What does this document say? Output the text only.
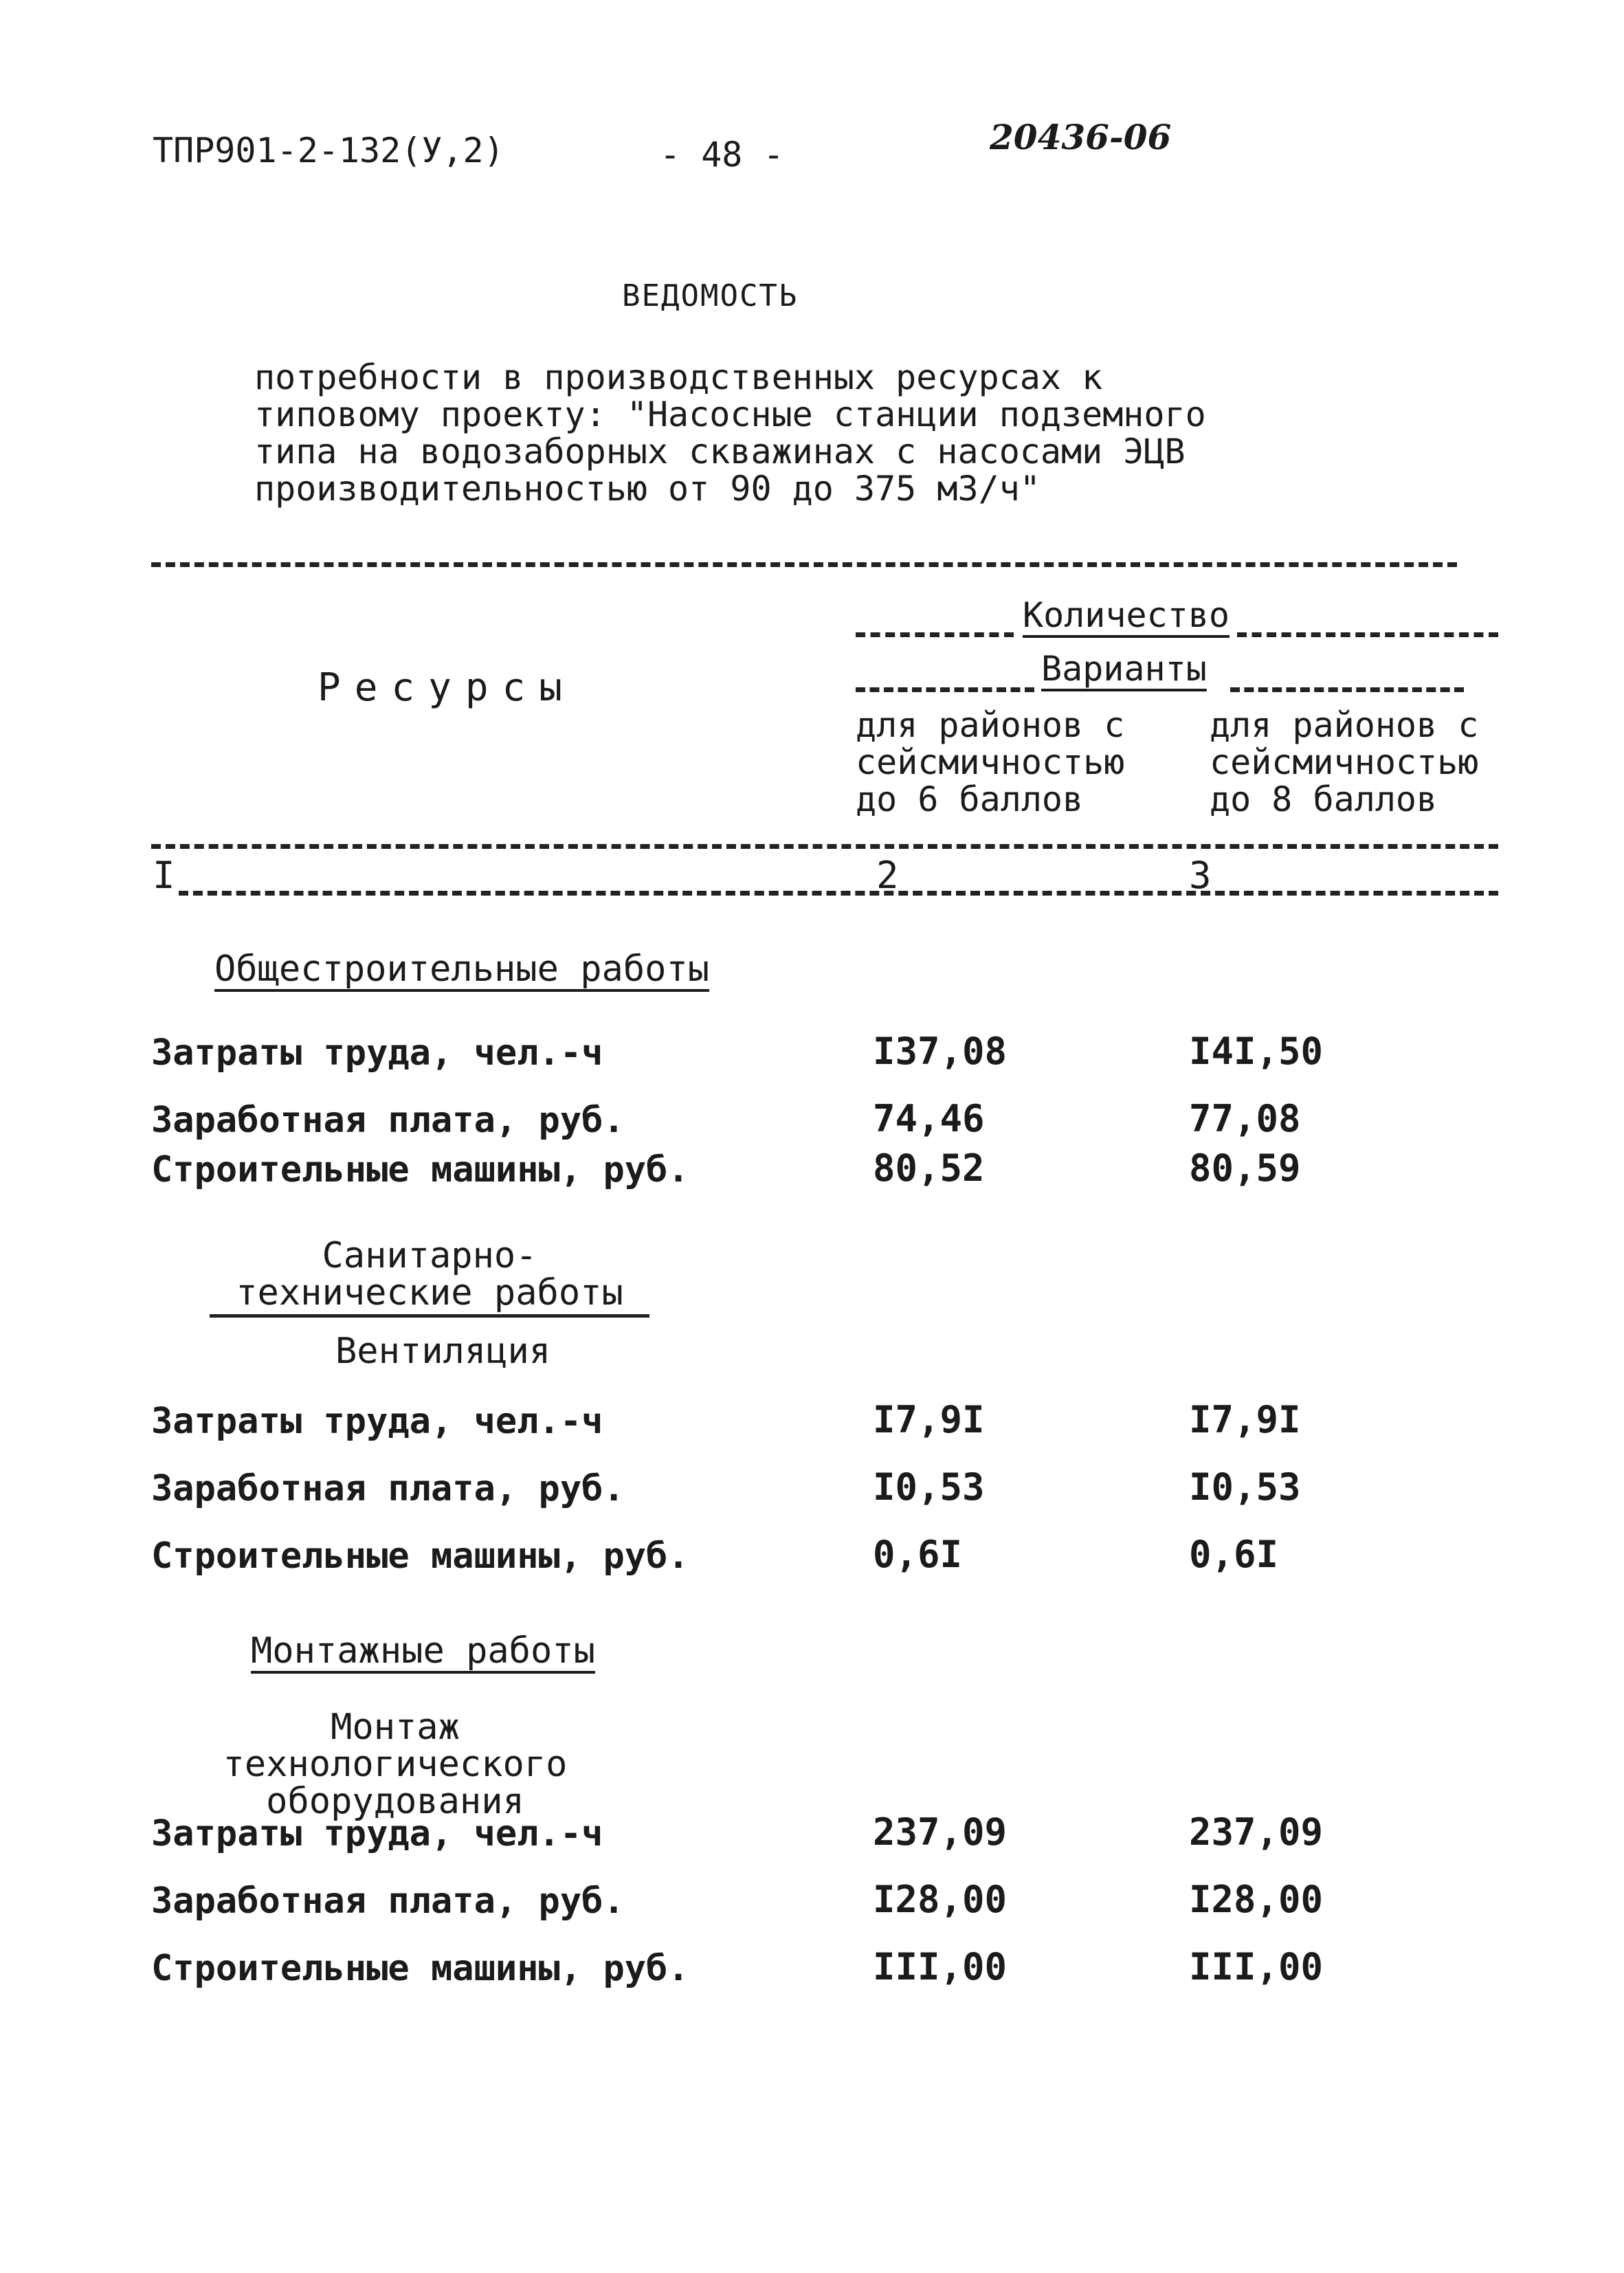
ТПР901-2-132(У,2)	- 48 -	20436-06
ВЕДОМОСТЬ
потребности в производственных ресурсах к
типовому проекту: "Насосные станции подземного
типа на водозаборных скважинах с насосами ЭЦВ
производительностью от 90 до 375 м3/ч"
Ресурсы
Количество
Варианты
для районов с
сейсмичностью
до 6 баллов
для районов с
сейсмичностью
до 8 баллов
I	2	3
Общестроительные работы
Затраты труда, чел.-ч	I37,08	I4I,50
Заработная плата, руб.	74,46	77,08
Строительные машины, руб.	80,52	80,59
Санитарно-технические работы
Вентиляция
Затраты труда, чел.-ч	I7,9I	I7,9I
Заработная плата, руб.	I0,53	I0,53
Строительные машины, руб.	0,6I	0,6I
Монтажные работы
Монтаж технологического оборудования
Затраты труда, чел.-ч	237,09	237,09
Заработная плата, руб.	I28,00	I28,00
Строительные машины, руб.	III,00	III,00
